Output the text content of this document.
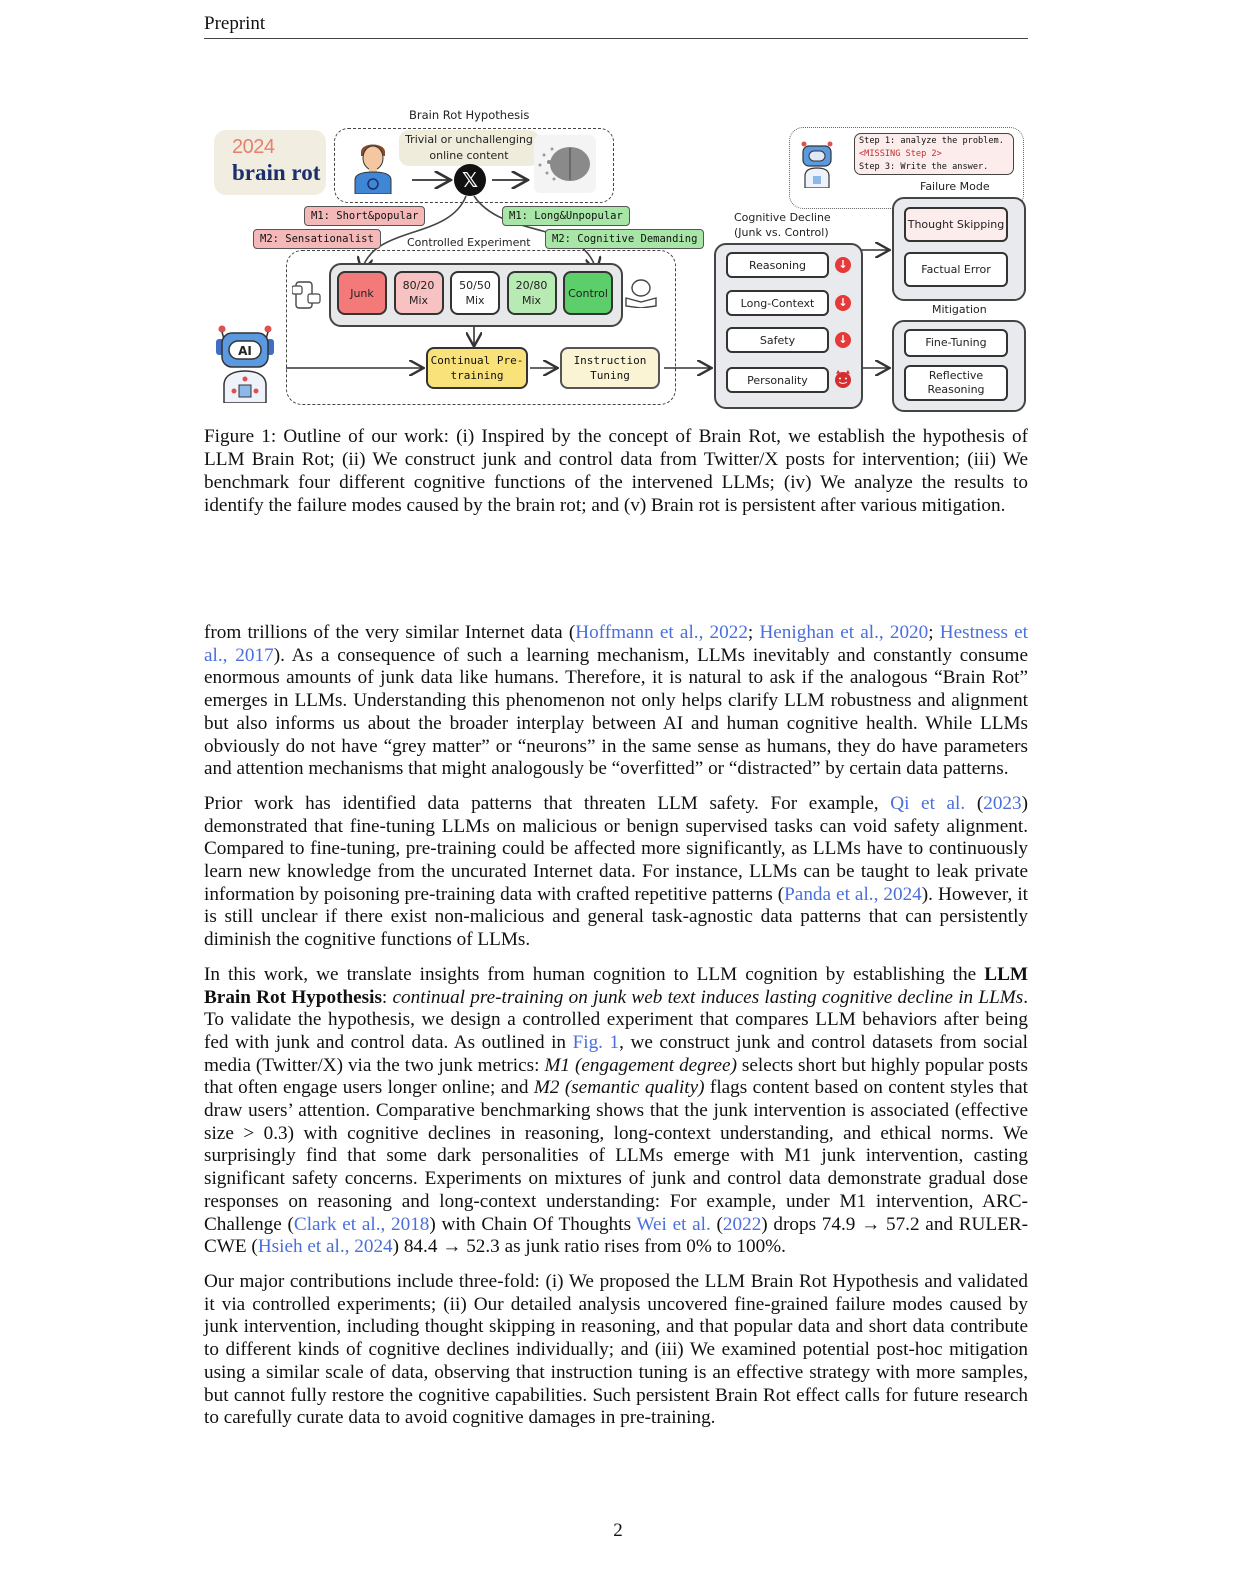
Preprint
2024
brain rot
Brain Rot Hypothesis
Trivial or unchallenging online content
𝕏
M1: Short&popular
M2: Sensationalist
M1: Long&Unpopular
M2: Cognitive Demanding
Controlled Experiment
Continual Pre-training
Instruction Tuning
AI
Cognitive Decline
(Junk vs. Control)
Reasoning	↓
Long-Context	↓
Safety	↓
Personality
Step 1: analyze the problem.
<MISSING Step 2>
Step 3: Write the answer.
Failure Mode
Thought Skipping
Factual Error
Mitigation
Fine-Tuning
Reflective Reasoning
Junk
80/20 Mix
50/50 Mix
20/80 Mix
Control
Figure 1: Outline of our work: (i) Inspired by the concept of Brain Rot, we establish the hypothesis of LLM Brain Rot; (ii) We construct junk and control data from Twitter/X posts for intervention; (iii) We benchmark four different cognitive functions of the intervened LLMs; (iv) We analyze the results to identify the failure modes caused by the brain rot; and (v) Brain rot is persistent after various mitigation.

from trillions of the very similar Internet data (Hoffmann et al., 2022; Henighan et al., 2020; Hestness et al., 2017). As a consequence of such a learning mechanism, LLMs inevitably and constantly consume enormous amounts of junk data like humans. Therefore, it is natural to ask if the analogous “Brain Rot” emerges in LLMs. Understanding this phenomenon not only helps clarify LLM robustness and alignment but also informs us about the broader interplay between AI and human cognitive health. While LLMs obviously do not have “grey matter” or “neurons” in the same sense as humans, they do have parameters and attention mechanisms that might analogously be “overfitted” or “distracted” by certain data patterns.

Prior work has identified data patterns that threaten LLM safety. For example, Qi et al. (2023) demonstrated that fine-tuning LLMs on malicious or benign supervised tasks can void safety alignment. Compared to fine-tuning, pre-training could be affected more significantly, as LLMs have to continuously learn new knowledge from the uncurated Internet data. For instance, LLMs can be taught to leak private information by poisoning pre-training data with crafted repetitive patterns (Panda et al., 2024). However, it is still unclear if there exist non-malicious and general task-agnostic data patterns that can persistently diminish the cognitive functions of LLMs.

In this work, we translate insights from human cognition to LLM cognition by establishing the LLM Brain Rot Hypothesis: continual pre-training on junk web text induces lasting cognitive decline in LLMs. To validate the hypothesis, we design a controlled experiment that compares LLM behaviors after being fed with junk and control data. As outlined in Fig. 1, we construct junk and control datasets from social media (Twitter/X) via the two junk metrics: M1 (engagement degree) selects short but highly popular posts that often engage users longer online; and M2 (semantic quality) flags content based on content styles that draw users’ attention. Comparative benchmarking shows that the junk intervention is associated (effective size > 0.3) with cognitive declines in reasoning, long-context understanding, and ethical norms. We surprisingly find that some dark personalities of LLMs emerge with M1 junk intervention, casting significant safety concerns. Experiments on mixtures of junk and control data demonstrate gradual dose responses on reasoning and long-context understanding: For example, under M1 intervention, ARC-Challenge (Clark et al., 2018) with Chain Of Thoughts Wei et al. (2022) drops 74.9 → 57.2 and RULER-CWE (Hsieh et al., 2024) 84.4 → 52.3 as junk ratio rises from 0% to 100%.

Our major contributions include three-fold: (i) We proposed the LLM Brain Rot Hypothesis and validated it via controlled experiments; (ii) Our detailed analysis uncovered fine-grained failure modes caused by junk intervention, including thought skipping in reasoning, and that popular data and short data contribute to different kinds of cognitive declines individually; and (iii) We examined potential post-hoc mitigation using a similar scale of data, observing that instruction tuning is an effective strategy with more samples, but cannot fully restore the cognitive capabilities. Such persistent Brain Rot effect calls for future research to carefully curate data to avoid cognitive damages in pre-training.

2
